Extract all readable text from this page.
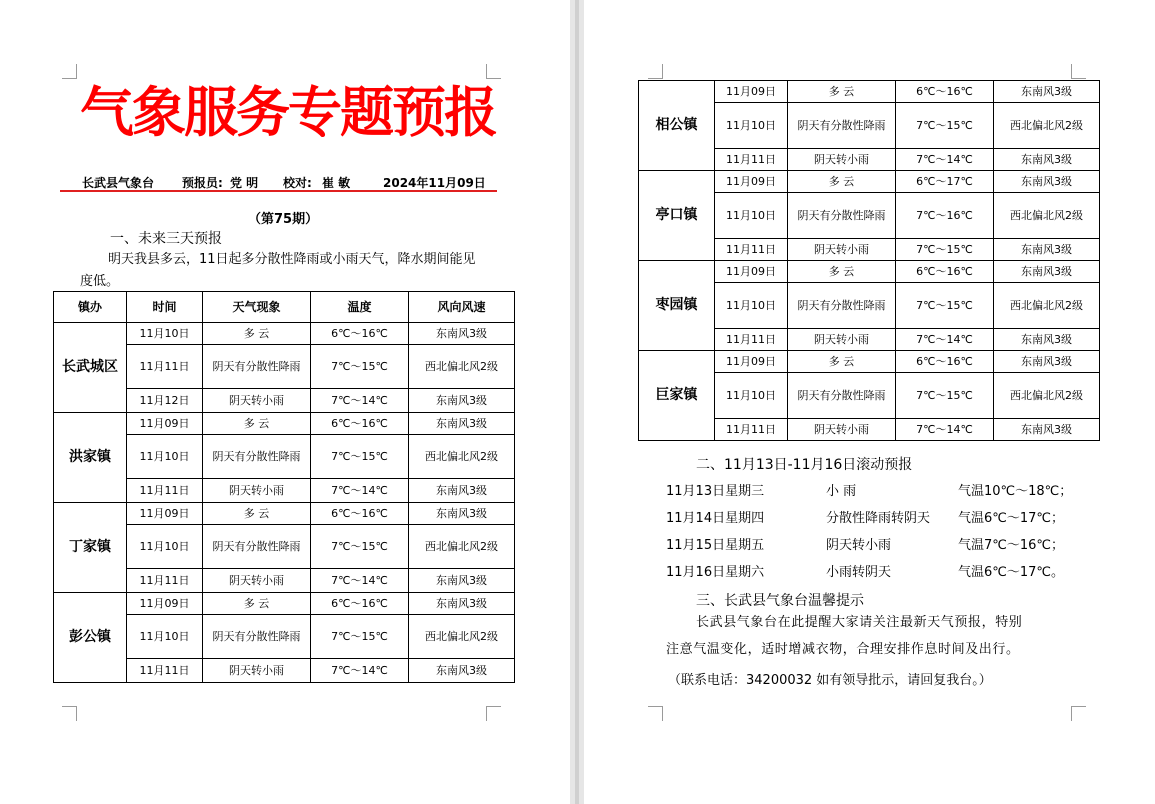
气象服务专题预报
长武县气象台 预报员: 党 明 校对: 崔 敏	2024年11月09日
（第75期）
一、未来三天预报
明天我县多云，11日起多分散性降雨或小雨天气，降水期间能见
度低。
镇办	时间	天气现象	温度	风向风速
长武城区	11月10日	多 云	6℃～16℃	东南风3级
	11月11日	阴天有分散性降雨	7℃～15℃	西北偏北风2级
	11月12日	阴天转小雨	7℃～14℃	东南风3级
洪家镇	11月09日	多 云	6℃～16℃	东南风3级
	11月10日	阴天有分散性降雨	7℃～15℃	西北偏北风2级
	11月11日	阴天转小雨	7℃～14℃	东南风3级
丁家镇	11月09日	多 云	6℃～16℃	东南风3级
	11月10日	阴天有分散性降雨	7℃～15℃	西北偏北风2级
	11月11日	阴天转小雨	7℃～14℃	东南风3级
彭公镇	11月09日	多 云	6℃～16℃	东南风3级
	11月10日	阴天有分散性降雨	7℃～15℃	西北偏北风2级
	11月11日	阴天转小雨	7℃～14℃	东南风3级
相公镇	11月09日	多 云	6℃～16℃	东南风3级
	11月10日	阴天有分散性降雨	7℃～15℃	西北偏北风2级
	11月11日	阴天转小雨	7℃～14℃	东南风3级
亭口镇	11月09日	多 云	6℃～17℃	东南风3级
	11月10日	阴天有分散性降雨	7℃～16℃	西北偏北风2级
	11月11日	阴天转小雨	7℃～15℃	东南风3级
枣园镇	11月09日	多 云	6℃～16℃	东南风3级
	11月10日	阴天有分散性降雨	7℃～15℃	西北偏北风2级
	11月11日	阴天转小雨	7℃～14℃	东南风3级
巨家镇	11月09日	多 云	6℃～16℃	东南风3级
	11月10日	阴天有分散性降雨	7℃～15℃	西北偏北风2级
	11月11日	阴天转小雨	7℃～14℃	东南风3级
二、11月13日-11月16日滚动预报
11月13日星期三	小 雨	气温10℃～18℃；
11月14日星期四	分散性降雨转阴天 气温6℃～17℃；
11月15日星期五	阴天转小雨	气温7℃～16℃；
11月16日星期六	小雨转阴天	气温6℃～17℃。
三、长武县气象台温馨提示
长武县气象台在此提醒大家请关注最新天气预报，特别
注意气温变化，适时增减衣物，合理安排作息时间及出行。
（联系电话：34200032 如有领导批示，请回复我台。）
